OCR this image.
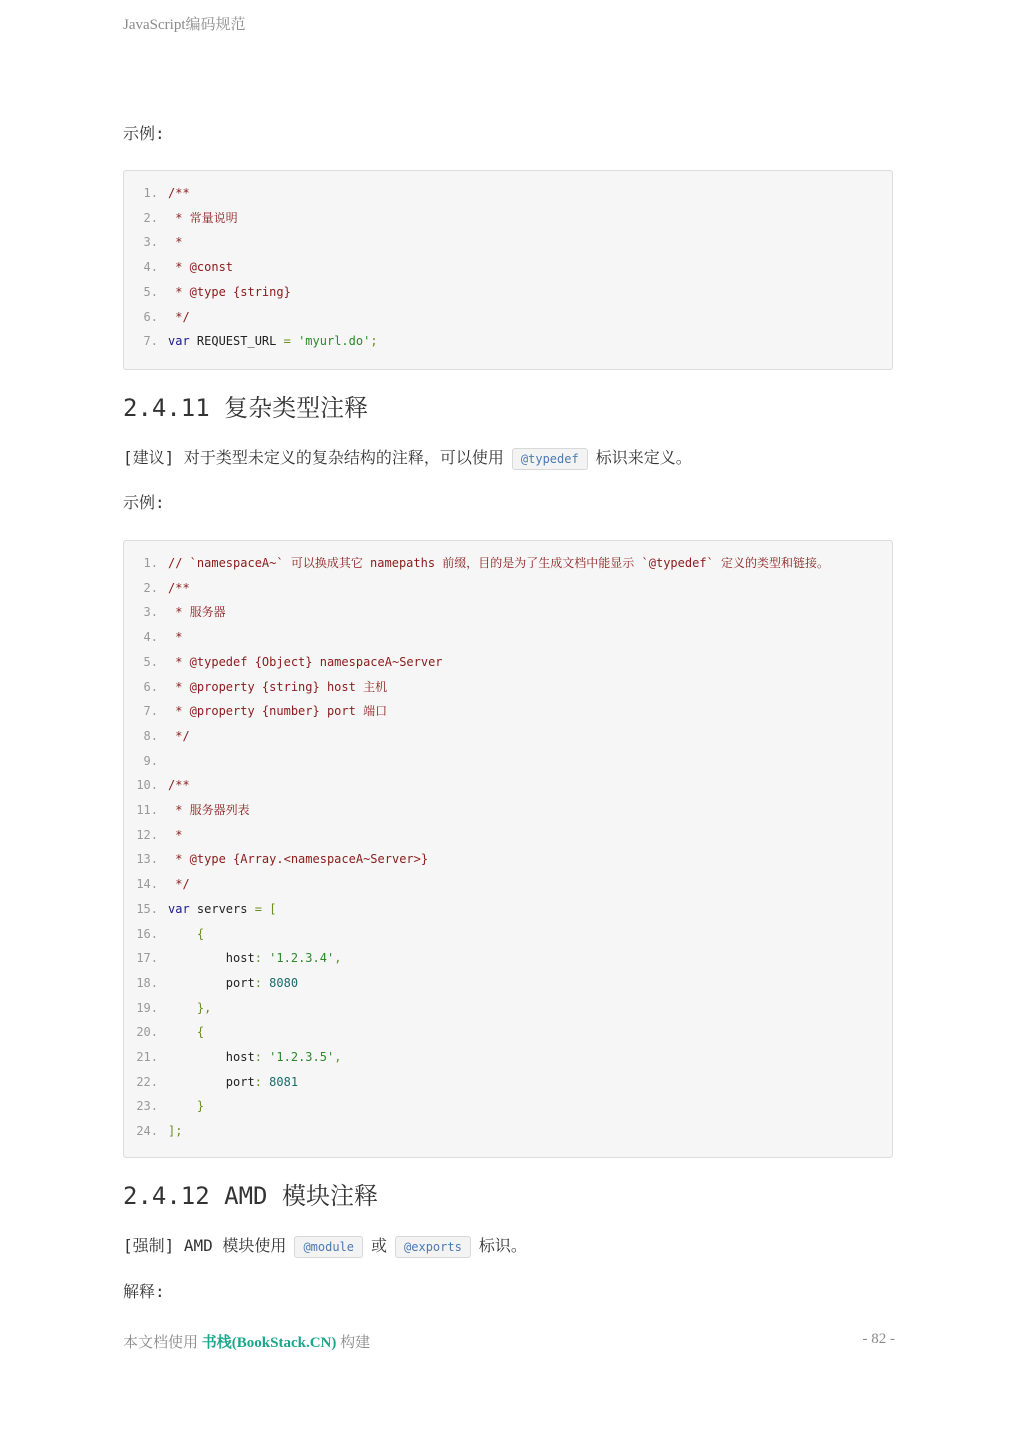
JavaScript编码规范
示例:
1. /**
2. * 常量说明
3. *
4. * @const
5. * @type {string}
6. */
7. var REQUEST_URL = 'myurl.do';
2.4.11 复杂类型注释
[建议] 对于类型未定义的复杂结构的注释，可以使用 @typedef 标识来定义。
示例:
1. // `namespaceA~` 可以换成其它 namepaths 前缀，目的是为了生成文档中能显示 `@typedef` 定义的类型和链接。
2. /**
3. * 服务器
4. *
5. * @typedef {Object} namespaceA~Server
6. * @property {string} host 主机
7. * @property {number} port 端口
8. */
9.
10. /**
11. * 服务器列表
12. *
13. * @type {Array.<namespaceA~Server>}
14. */
15. var servers = [
16.	{
17.        host: '1.2.3.4',
18.        port: 8080
19.	},
20.	{
21.        host: '1.2.3.5',
22.        port: 8081
23.	}
24. ];
2.4.12 AMD 模块注释
[强制] AMD 模块使用 @module 或 @exports 标识。
解释:
本文档使用 书栈(BookStack.CN) 构建	- 82 -
